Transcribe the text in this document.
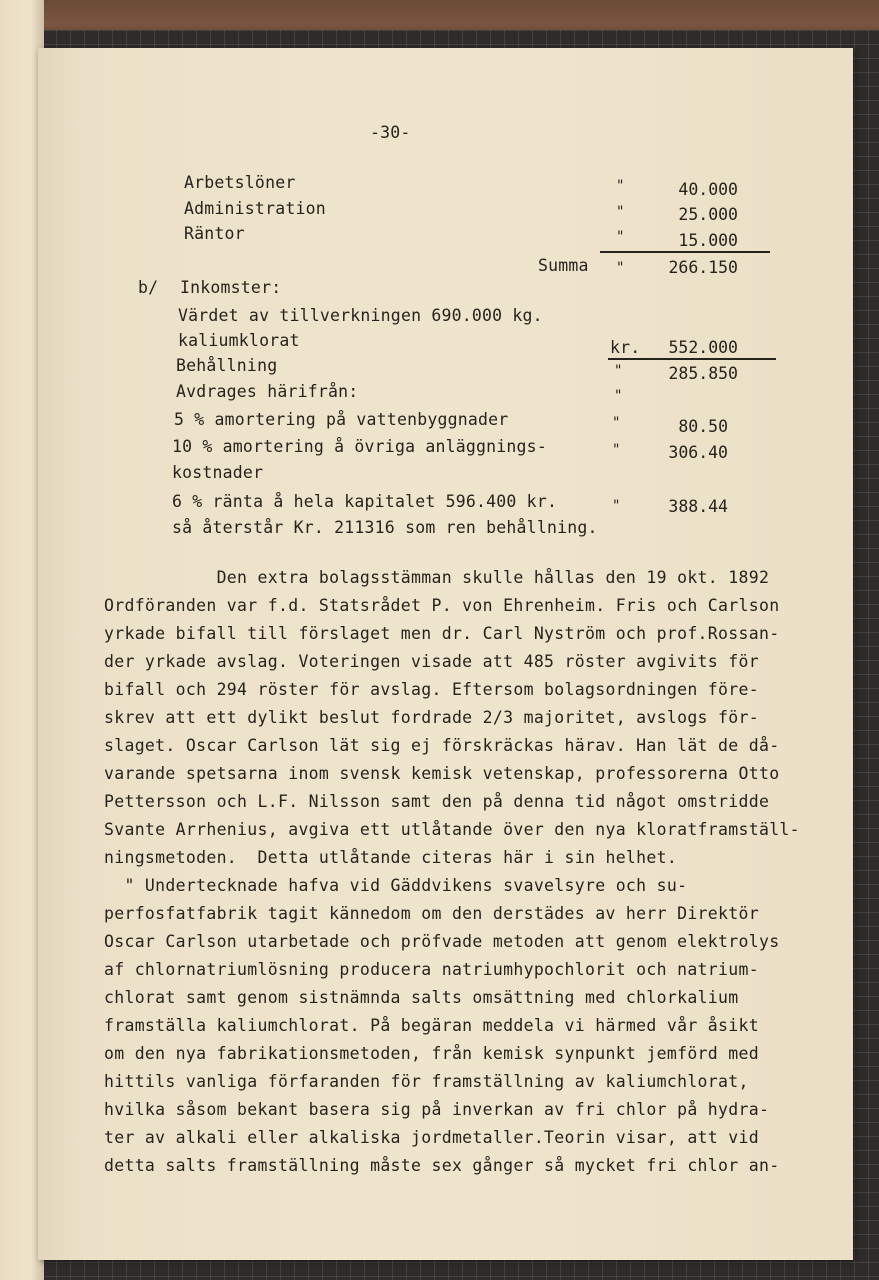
-30-
Arbetslöner	"	40.000
Administration	"	25.000
Räntor	"	15.000
Summa "	266.150
b/ Inkomster:
Värdet av tillverkningen 690.000 kg.
kaliumklorat	kr.	552.000
Behållning	"	285.850
Avdrages härifrån:	"
5 % amortering på vattenbyggnader	"	80.50
10 % amortering å övriga anläggnings-	"	306.40
kostnader
6 % ränta å hela kapitalet 596.400 kr.	"	388.44
så återstår Kr. 211316 som ren behållning.
Den extra bolagsstämman skulle hållas den 19 okt. 1892
Ordföranden var f.d. Statsrådet P. von Ehrenheim. Fris och Carlson
yrkade bifall till förslaget men dr. Carl Nyström och prof.Rossan-
der yrkade avslag. Voteringen visade att 485 röster avgivits för
bifall och 294 röster för avslag. Eftersom bolagsordningen före-
skrev att ett dylikt beslut fordrade 2/3 majoritet, avslogs för-
slaget. Oscar Carlson lät sig ej förskräckas härav. Han lät de då-
varande spetsarna inom svensk kemisk vetenskap, professorerna Otto
Pettersson och L.F. Nilsson samt den på denna tid något omstridde
Svante Arrhenius, avgiva ett utlåtande över den nya kloratframställ-
ningsmetoden.  Detta utlåtande citeras här i sin helhet.
" Undertecknade hafva vid Gäddvikens svavelsyre och su-
perfosfatfabrik tagit kännedom om den derstädes av herr Direktör
Oscar Carlson utarbetade och pröfvade metoden att genom elektrolys
af chlornatriumlösning producera natriumhypochlorit och natrium-
chlorat samt genom sistnämnda salts omsättning med chlorkalium
framställa kaliumchlorat. På begäran meddela vi härmed vår åsikt
om den nya fabrikationsmetoden, från kemisk synpunkt jemförd med
hittils vanliga förfaranden för framställning av kaliumchlorat,
hvilka såsom bekant basera sig på inverkan av fri chlor på hydra-
ter av alkali eller alkaliska jordmetaller.Teorin visar, att vid
detta salts framställning måste sex gånger så mycket fri chlor an-
